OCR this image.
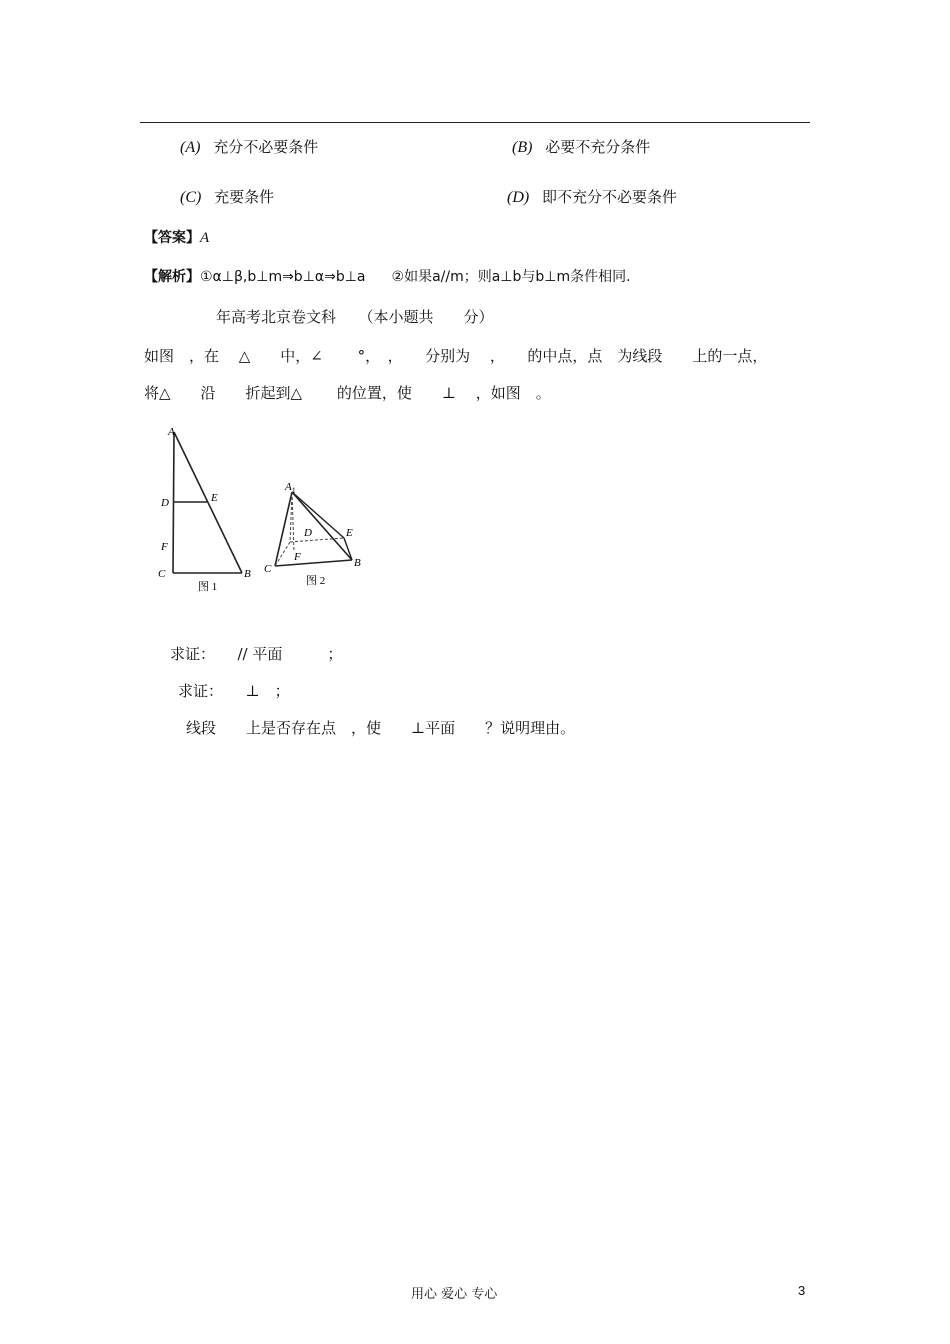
(A) 充分不必要条件	(B) 必要不充分条件
(C) 充要条件	(D) 即不充分不必要条件
【答案】A
【解析】①α⊥β,b⊥m⇒b⊥α⇒b⊥a ②如果a//m；则a⊥b与b⊥m条件相同.
年高考北京卷文科　　（本小题共　　分）
如图　，在　 △　　中，∠　　 °，　，　　分别为　 ，　　的中点，点　为线段　　上的一点，
将△　　沿　　折起到△　　 的位置，使　　⊥　 ，如图　。
A
D	E
F
C	B
图 1
$A_1$
D	E
F
C	B
图 2
求证：　　// 平面　　　；
求证：　　⊥　；
线段　　上是否存在点　，使　　⊥平面　　？说明理由。
用心 爱心 专心	3
